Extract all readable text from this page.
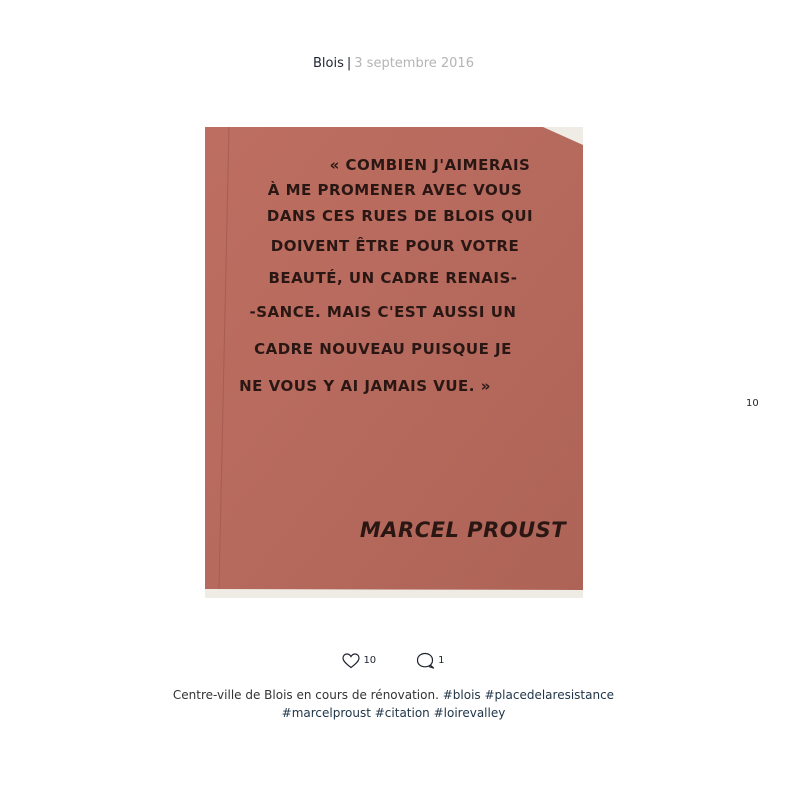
Blois | 3 septembre 2016
« COMBIEN J'AIMERAIS
À ME PROMENER AVEC VOUS
DANS CES RUES DE BLOIS QUI
DOIVENT ÊTRE POUR VOTRE
BEAUTÉ, UN CADRE RENAIS-
-SANCE. MAIS C'EST AUSSI UN
CADRE NOUVEAU PUISQUE JE
NE VOUS Y AI JAMAIS VUE. »
MARCEL PROUST
10
10	1
Centre-ville de Blois en cours de rénovation. #blois #placedelaresistance
#marcelproust #citation #loirevalley
